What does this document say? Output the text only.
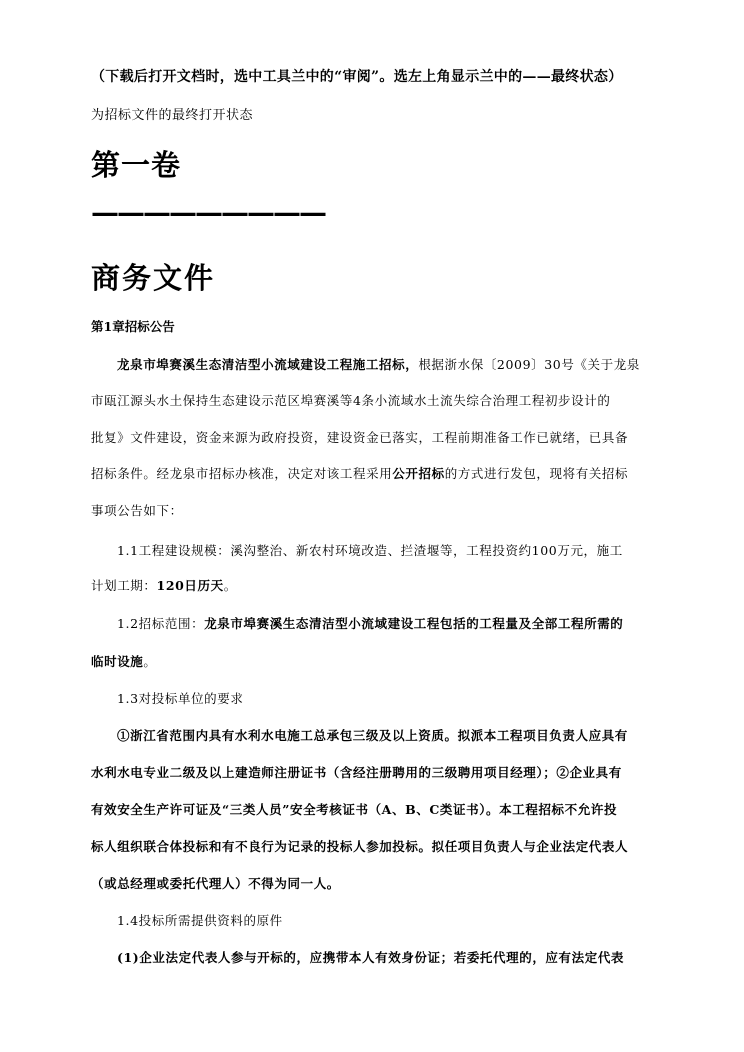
（下载后打开文档时，选中工具兰中的“审阅”。选左上角显示兰中的——最终状态）
为招标文件的最终打开状态
第一卷
—————————
商务文件
第1章招标公告
龙泉市埠赛溪生态清洁型小流域建设工程施工招标，根据浙水保〔2009〕30号《关于龙泉
市瓯江源头水土保持生态建设示范区埠赛溪等4条小流域水土流失综合治理工程初步设计的
批复》文件建设，资金来源为政府投资，建设资金已落实，工程前期准备工作已就绪，已具备
招标条件。经龙泉市招标办核准，决定对该工程采用公开招标的方式进行发包，现将有关招标
事项公告如下：
1.1工程建设规模：溪沟整治、新农村环境改造、拦渣堰等，工程投资约100万元，施工
计划工期：120日历天。
1.2招标范围：龙泉市埠赛溪生态清洁型小流域建设工程包括的工程量及全部工程所需的
临时设施。
1.3对投标单位的要求
①浙江省范围内具有水利水电施工总承包三级及以上资质。拟派本工程项目负责人应具有
水利水电专业二级及以上建造师注册证书（含经注册聘用的三级聘用项目经理）；②企业具有
有效安全生产许可证及“三类人员”安全考核证书（A、B、C类证书）。本工程招标不允许投
标人组织联合体投标和有不良行为记录的投标人参加投标。拟任项目负责人与企业法定代表人
（或总经理或委托代理人）不得为同一人。
1.4投标所需提供资料的原件
(1)企业法定代表人参与开标的，应携带本人有效身份证；若委托代理的，应有法定代表
